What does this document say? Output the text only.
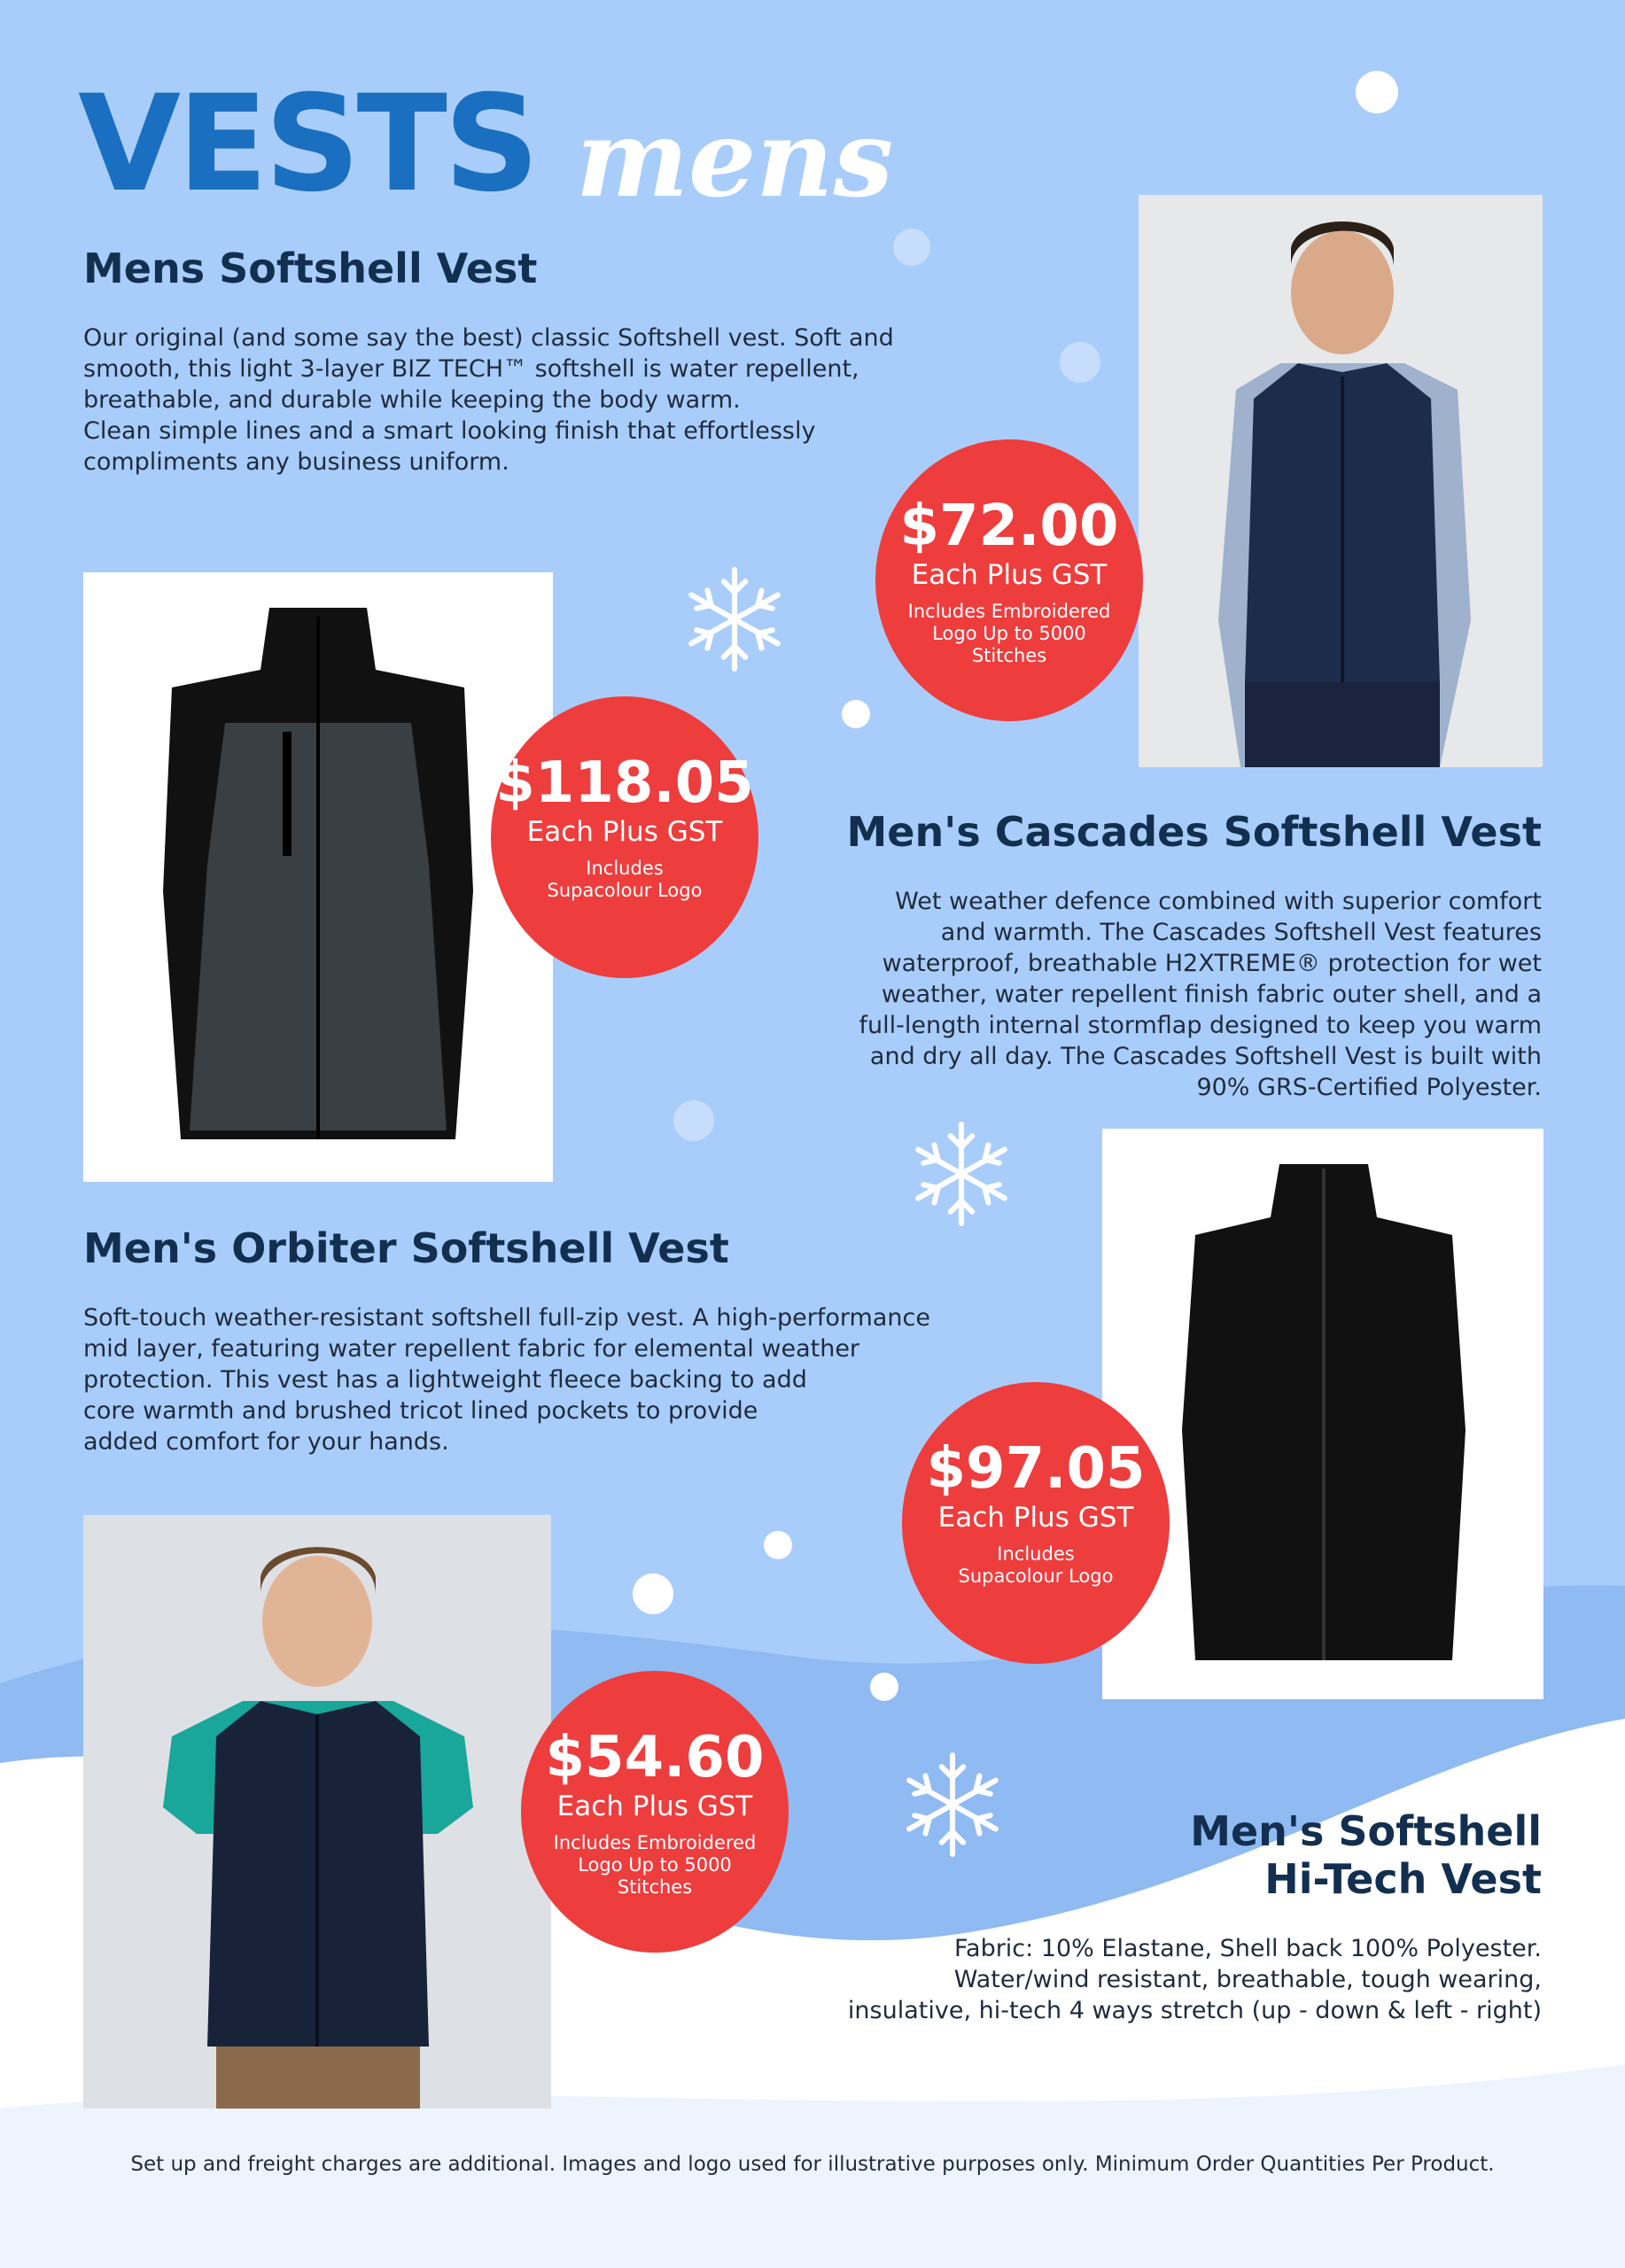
VESTS mens
Mens Softshell Vest

Our original (and some say the best) classic Softshell vest. Soft and
smooth, this light 3-layer BIZ TECH™ softshell is water repellent,
breathable, and durable while keeping the body warm.
Clean simple lines and a smart looking finish that effortlessly
compliments any business uniform.

$72.00
Each Plus GST
Includes Embroidered
Logo Up to 5000
Stitches
$118.05
Each Plus GST
Includes
Supacolour Logo
Men's Cascades Softshell Vest

Wet weather defence combined with superior comfort
and warmth. The Cascades Softshell Vest features
waterproof, breathable H2XTREME® protection for wet
weather, water repellent finish fabric outer shell, and a
full-length internal stormflap designed to keep you warm
and dry all day. The Cascades Softshell Vest is built with
90% GRS-Certified Polyester.

Men's Orbiter Softshell Vest

Soft-touch weather-resistant softshell full-zip vest. A high-performance
mid layer, featuring water repellent fabric for elemental weather
protection. This vest has a lightweight fleece backing to add
core warmth and brushed tricot lined pockets to provide
added comfort for your hands.	$97.05
Each Plus GST
Includes
Supacolour Logo
$54.60
Each Plus GST
Includes Embroidered
Logo Up to 5000
Stitches
Men's Softshell
Hi-Tech Vest

Fabric: 10% Elastane, Shell back 100% Polyester.
Water/wind resistant, breathable, tough wearing,
insulative, hi-tech 4 ways stretch (up - down & left - right)

Set up and freight charges are additional. Images and logo used for illustrative purposes only. Minimum Order Quantities Per Product.
